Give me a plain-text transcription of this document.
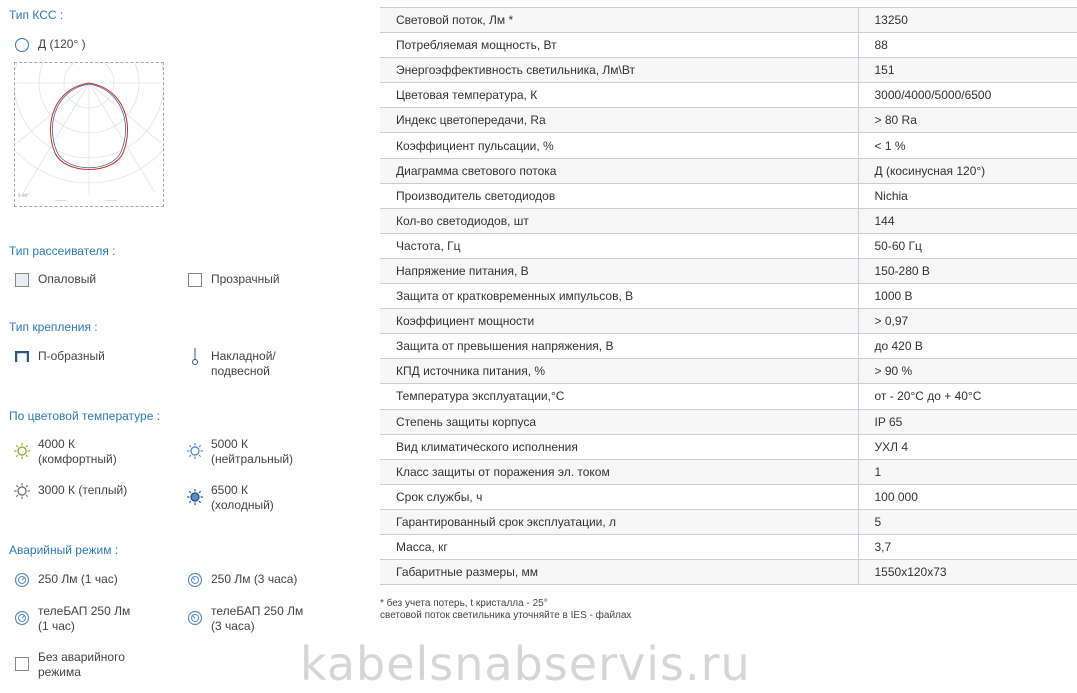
Тип КСС :
Д (120° )
0-90°
———	———
Тип рассеивателя :
Опаловый	Прозрачный
Тип крепления :
П-образный	Накладной/
подвесной
По цветовой температуре :
4000 К
(комфортный)
5000 К
(нейтральный)
3000 К (теплый)	6500 К
(холодный)
Аварийный режим :
250 Лм (1 час)	250 Лм (3 часа)
телеБАП 250 Лм
(1 час)
телеБАП 250 Лм
(3 часа)
Без аварийного
режима
Световой поток, Лм *	13250
Потребляемая мощность, Вт	88
Энергоэффективность светильника, Лм\Вт	151
Цветовая температура, К	3000/4000/5000/6500
Индекс цветопередачи, Ra	> 80 Ra
Коэффициент пульсации, %	< 1 %
Диаграмма светового потока	Д (косинусная 120°)
Производитель светодиодов	Nichia
Кол-во светодиодов, шт	144
Частота, Гц	50-60 Гц
Напряжение питания, В	150-280 В
Защита от кратковременных импульсов, В	1000 В
Коэффициент мощности	> 0,97
Защита от превышения напряжения, В	до 420 В
КПД источника питания, %	> 90 %
Температура эксплуатации,°С	от - 20°С до + 40°С
Степень защиты корпуса	IP 65
Вид климатического исполнения	УХЛ 4
Класс защиты от поражения эл. током	1
Срок службы, ч	100 000
Гарантированный срок эксплуатации, л	5
Масса, кг	3,7
Габаритные размеры, мм	1550х120х73
* без учета потерь, t кристалла - 25°
световой поток светильника уточняйте в IES - файлах
kabelsnabservis.ru
